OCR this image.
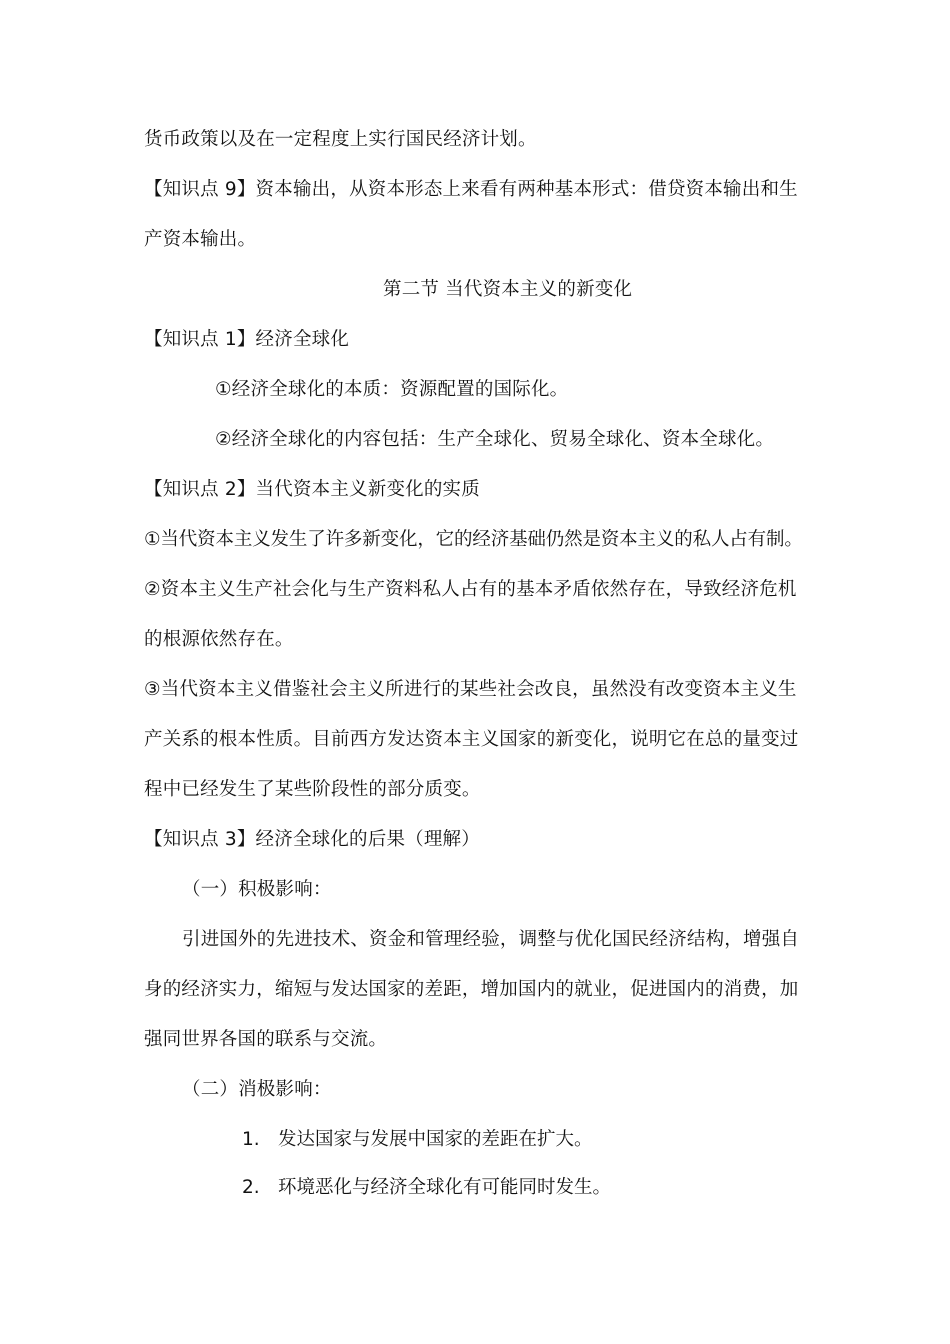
货币政策以及在一定程度上实行国民经济计划。
【知识点 9】资本输出，从资本形态上来看有两种基本形式：借贷资本输出和生
产资本输出。
第二节 当代资本主义的新变化
【知识点 1】经济全球化
①经济全球化的本质：资源配置的国际化。
②经济全球化的内容包括：生产全球化、贸易全球化、资本全球化。
【知识点 2】当代资本主义新变化的实质
①当代资本主义发生了许多新变化，它的经济基础仍然是资本主义的私人占有制。
②资本主义生产社会化与生产资料私人占有的基本矛盾依然存在，导致经济危机
的根源依然存在。
③当代资本主义借鉴社会主义所进行的某些社会改良，虽然没有改变资本主义生
产关系的根本性质。目前西方发达资本主义国家的新变化，说明它在总的量变过
程中已经发生了某些阶段性的部分质变。
【知识点 3】经济全球化的后果（理解）
（一）积极影响：
引进国外的先进技术、资金和管理经验，调整与优化国民经济结构，增强自
身的经济实力，缩短与发达国家的差距，增加国内的就业，促进国内的消费，加
强同世界各国的联系与交流。
（二）消极影响：
1. 发达国家与发展中国家的差距在扩大。
2. 环境恶化与经济全球化有可能同时发生。
